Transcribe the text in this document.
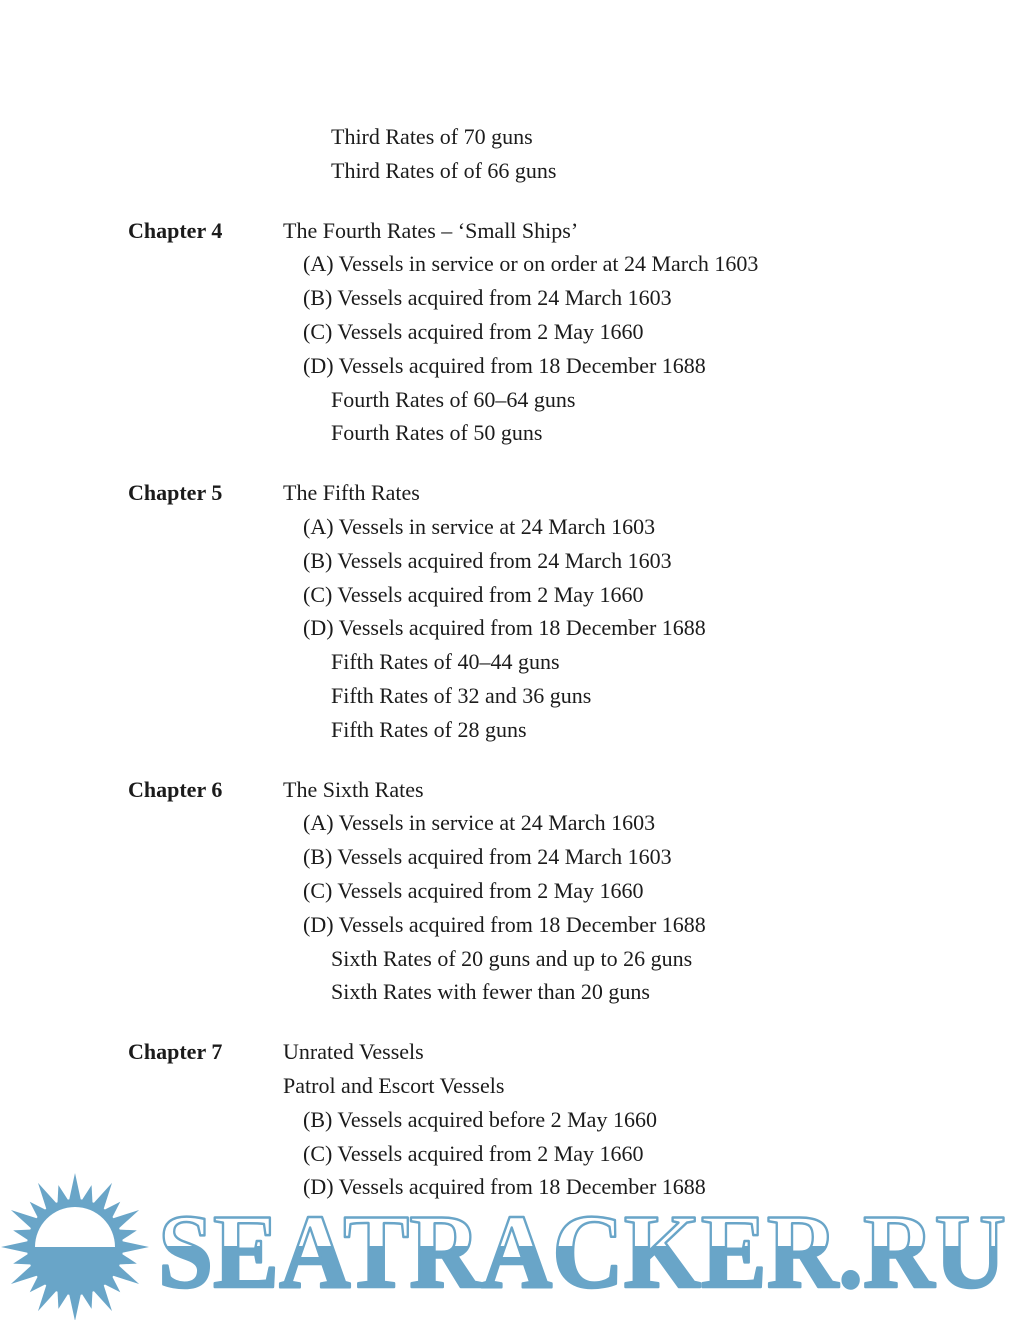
Third Rates of 70 guns
Third Rates of of 66 guns
Chapter 4	The Fourth Rates – ‘Small Ships’
(A) Vessels in service or on order at 24 March 1603
(B) Vessels acquired from 24 March 1603
(C) Vessels acquired from 2 May 1660
(D) Vessels acquired from 18 December 1688
Fourth Rates of 60–64 guns
Fourth Rates of 50 guns
Chapter 5	The Fifth Rates
(A) Vessels in service at 24 March 1603
(B) Vessels acquired from 24 March 1603
(C) Vessels acquired from 2 May 1660
(D) Vessels acquired from 18 December 1688
Fifth Rates of 40–44 guns
Fifth Rates of 32 and 36 guns
Fifth Rates of 28 guns
Chapter 6	The Sixth Rates
(A) Vessels in service at 24 March 1603
(B) Vessels acquired from 24 March 1603
(C) Vessels acquired from 2 May 1660
(D) Vessels acquired from 18 December 1688
Sixth Rates of 20 guns and up to 26 guns
Sixth Rates with fewer than 20 guns
Chapter 7	Unrated Vessels
Patrol and Escort Vessels
(B) Vessels acquired before 2 May 1660
(C) Vessels acquired from 2 May 1660
(D) Vessels acquired from 18 December 1688
SEATRACKER.RU
